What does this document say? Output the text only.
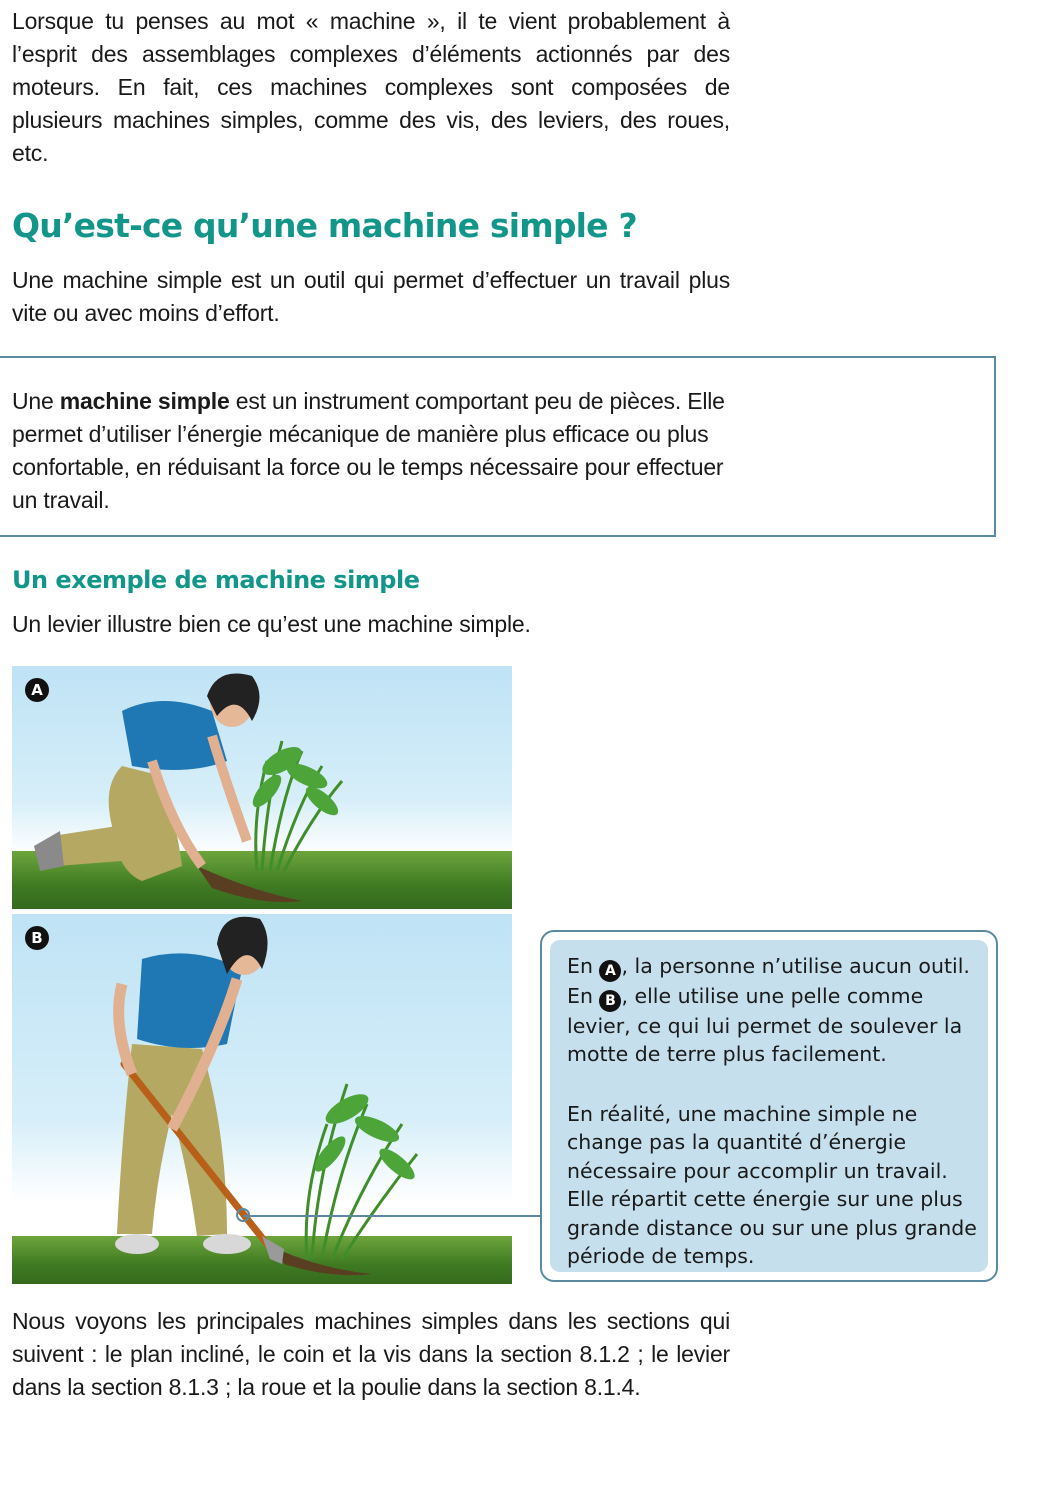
Lorsque tu penses au mot « machine », il te vient probablement à l’esprit des assemblages complexes d’éléments actionnés par des moteurs. En fait, ces machines complexes sont composées de plusieurs machines simples, comme des vis, des leviers, des roues, etc.

Qu’est-ce qu’une machine simple ?

Une machine simple est un outil qui permet d’effectuer un travail plus vite ou avec moins d’effort.

Une machine simple est un instrument comportant peu de pièces. Elle permet d’utiliser l’énergie mécanique de manière plus efficace ou plus confortable, en réduisant la force ou le temps nécessaire pour effectuer un travail.
Un exemple de machine simple

Un levier illustre bien ce qu’est une machine simple.

A
B

En A , la personne n’utilise aucun outil. En B , elle utilise une pelle comme levier, ce qui lui permet de soulever la motte de terre plus facilement.

En réalité, une machine simple ne change pas la quantité d’énergie nécessaire pour accomplir un travail. Elle répartit cette énergie sur une plus grande distance ou sur une plus grande période de temps.

Nous voyons les principales machines simples dans les sections qui suivent : le plan incliné, le coin et la vis dans la section 8.1.2 ; le levier dans la section 8.1.3 ; la roue et la poulie dans la section 8.1.4.
